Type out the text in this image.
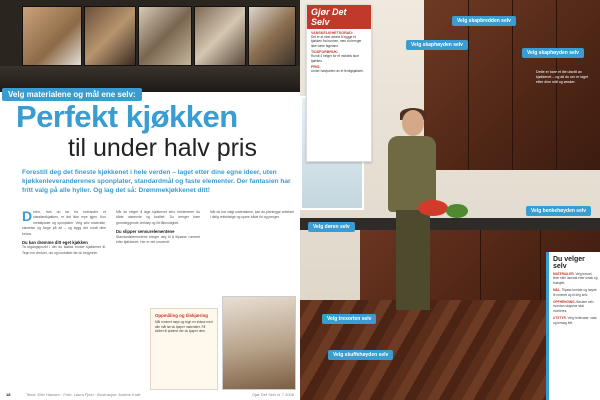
Velg materialene og mål ene selv:
Perfekt kjøkken
til under halv pris
Forestill deg det fineste kjøkkenet i hele verden – laget etter dine egne ideer, uten kjøkkenleverandørenes sponplater, standardmål og faste elementer. Der fantasien har fritt valg på alle hyller. Og lag det så: Drømmekjøkkenet ditt!
D erfor, hvis du tar fra hverandre et standardkjøkken, er det ikke mye igjen. Kun metallplater og sponplater. Velg selv materiale, størrelse og farge på alt – og bygg det rundt dine behov.
Du kan drømme ditt eget kjøkken
Ta utgangspunkt i det du faktisk bruker kjøkkenet til. Tegn inn vinduer, rør og kontakter før du begynner.
Når du velger å lage kjøkkenet selv, bestemmer du både utseende og kvalitet. Du trenger bare grunnleggende verktøy og litt tålmodighet.
Du slipper sensurelementene
Standardelementene tvinger deg til å tilpasse rommet etter kjøkkenet. Her er det omvendt.
Når du har valgt materialene, kan du planlegge arbeidet i riktig rekkefølge og spare både tid og penger.
Oppmåling og tilskjæring

Mål rommet nøye og tegn en skisse med alle mål før du kjøper materialer. Få skåret til platene der du kjøper dem.

18	Tekst: Eiliv Hansen · Foto: Laura Fjeld · Illustrasjon: Anders Kraft	Gjør Det Selv nr 7 2008
Gjør Det Selv
VANSKELIGHETSGRAD:
Det er et stort arbeid å bygge et kjøkken fra bunnen, men du trenger ikke være fagmann.
TIDSFORBRUK:
Rundt 4 helger for et middels stort kjøkken.
PRIS:
Under halvparten av et ferdigkjøkken.
Velg skapbredden selv
Velg skaphøyden selv
Velg skaphøyden selv
Velg døren selv
Velg benkehøyden selv
Velg tresorten selv
Velg skuffehøyden selv
Dette er bare et lite utsnitt av kjøkkenet – og alt du ser er laget etter dine mål og ønsker.
Du velger selv

MATERIALER. Velg tresort, finer eller laminat etter smak og budsjett.

MÅL. Tilpass bredde og høyde til rommet og til deg selv.

OPPHENGING. Bestem selv hvordan skapene skal monteres.

UTSTYR. Velg hvitevarer, vask og beslag fritt.

17
